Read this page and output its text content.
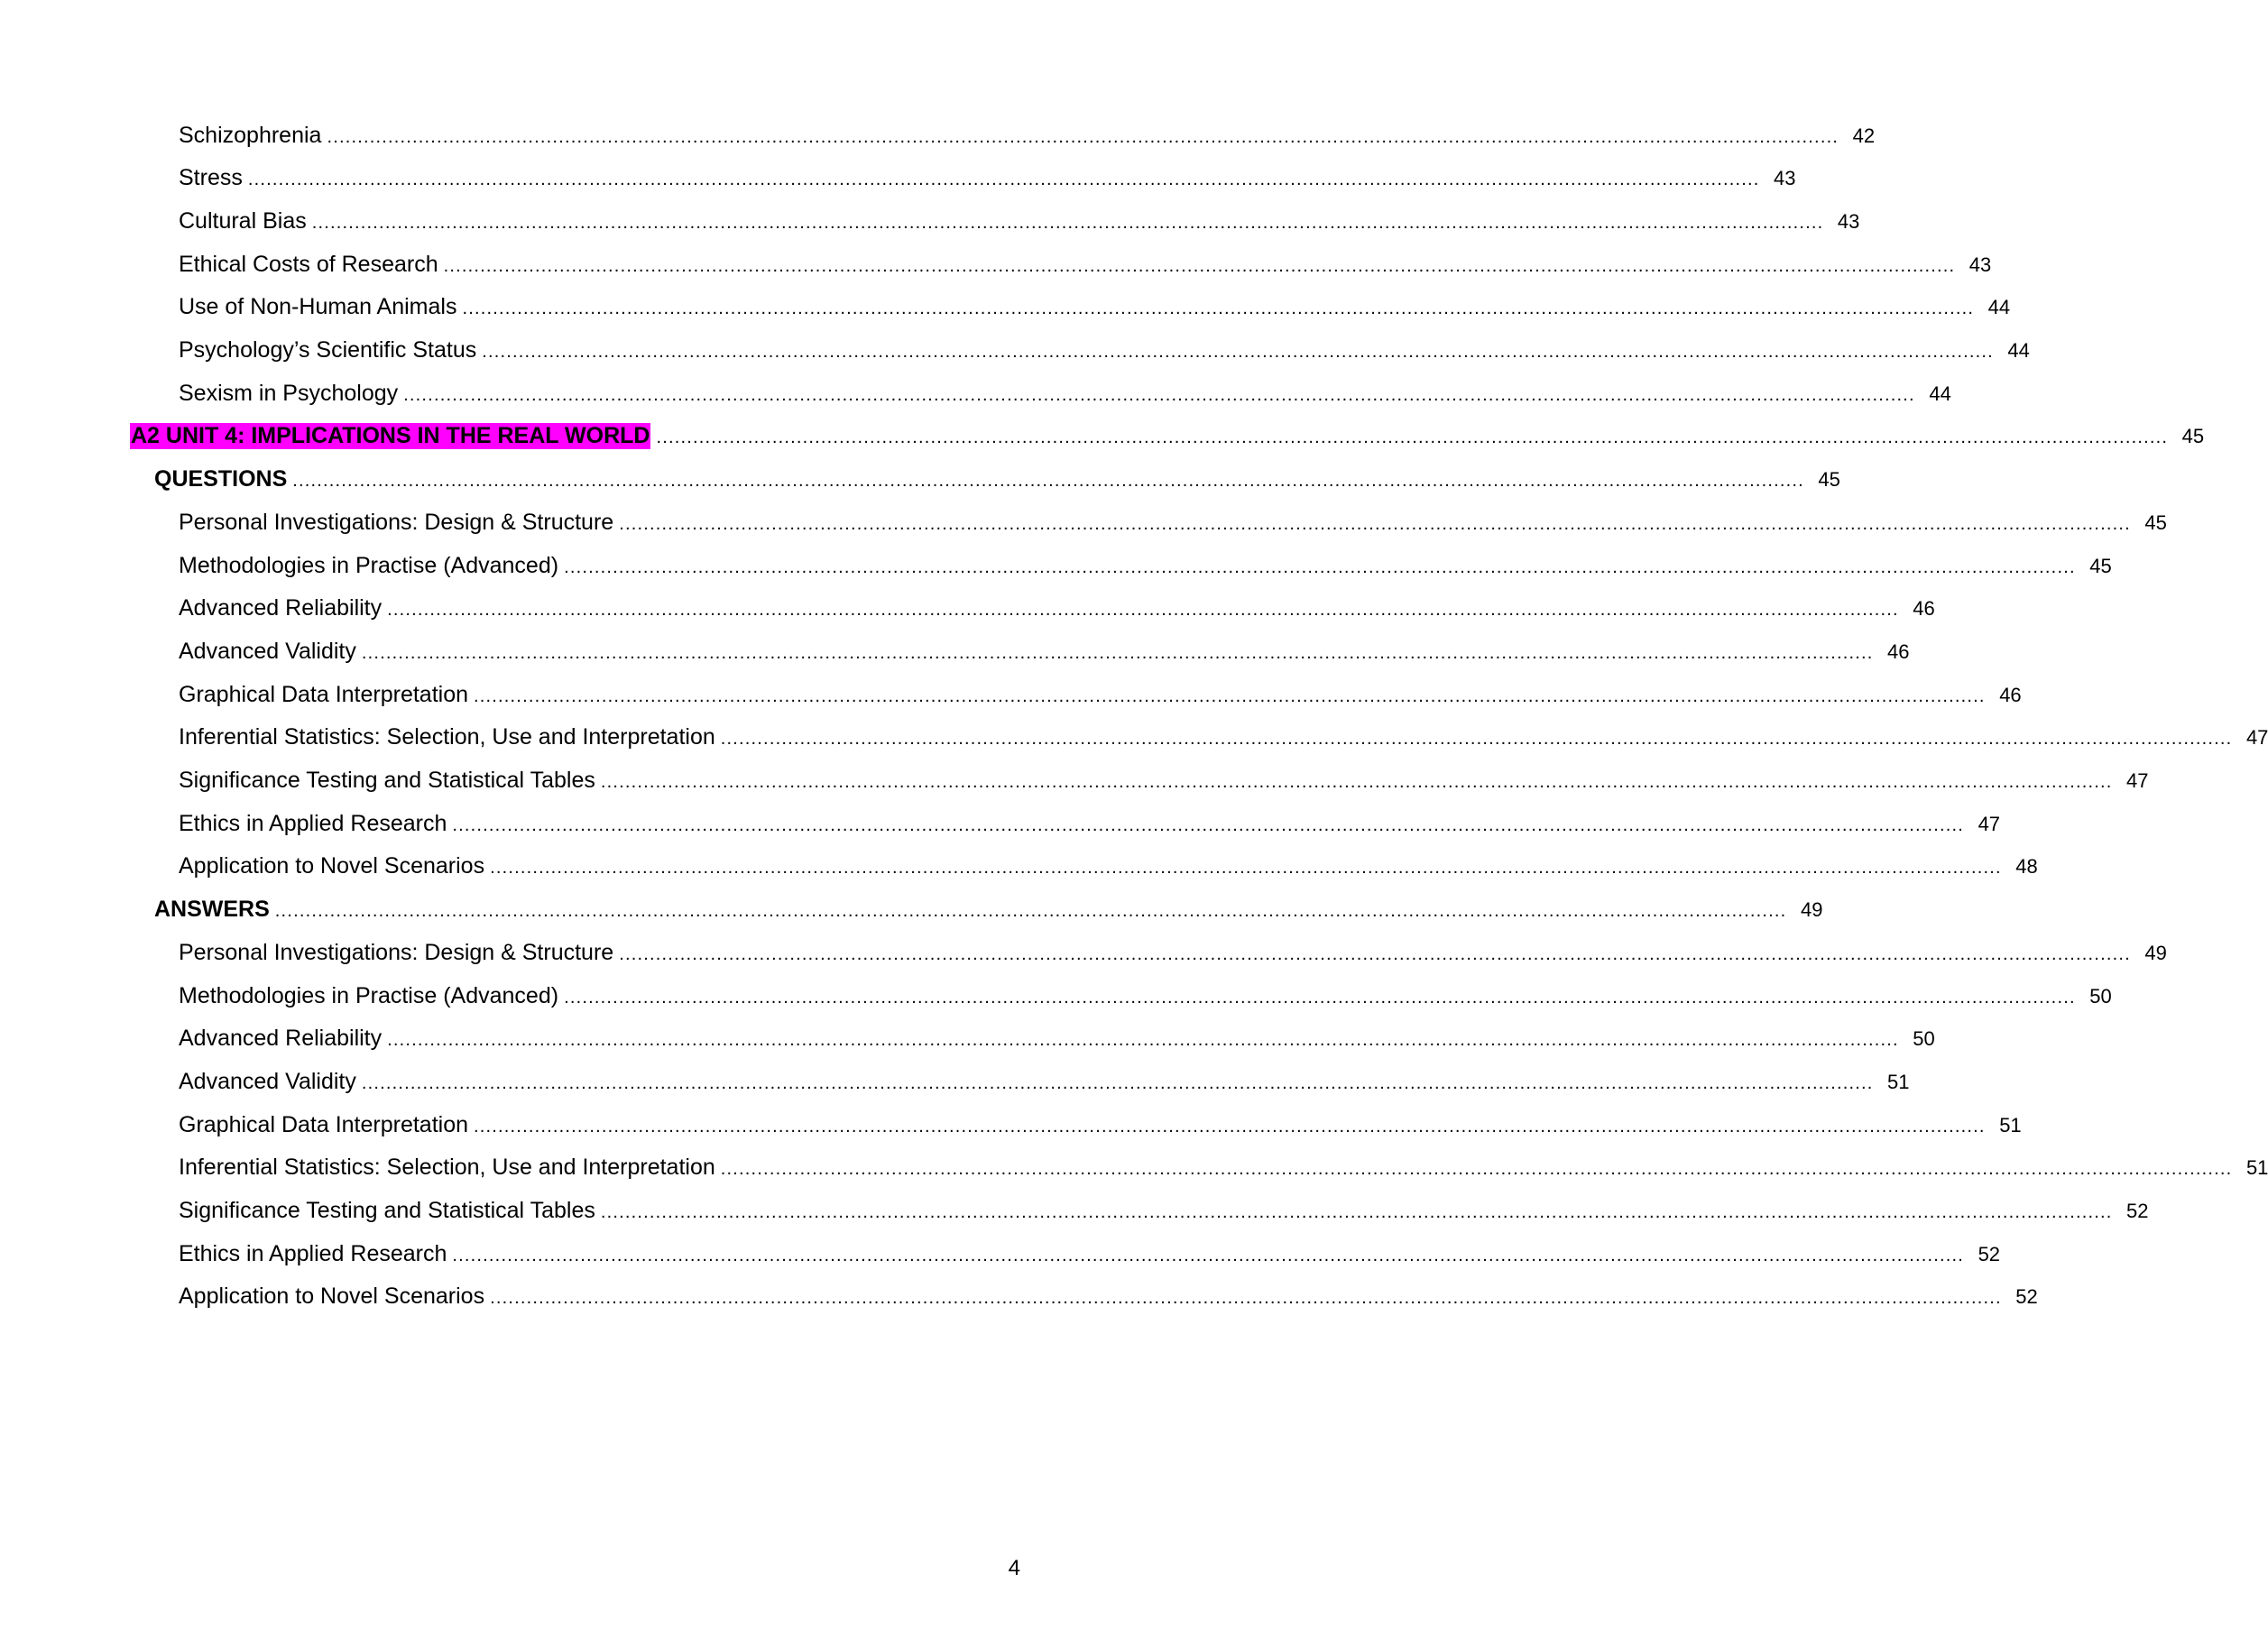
Schizophrenia .....	42
Stress .....	43
Cultural Bias .....	43
Ethical Costs of Research .....	43
Use of Non-Human Animals .....	44
Psychology’s Scientific Status .....	44
Sexism in Psychology .....	44
A2 UNIT 4: IMPLICATIONS IN THE REAL WORLD .....	45
QUESTIONS .....	45
Personal Investigations: Design & Structure .....	45
Methodologies in Practise (Advanced) .....	45
Advanced Reliability .....	46
Advanced Validity .....	46
Graphical Data Interpretation .....	46
Inferential Statistics: Selection, Use and Interpretation .....	47
Significance Testing and Statistical Tables .....	47
Ethics in Applied Research .....	47
Application to Novel Scenarios .....	48
ANSWERS .....	49
Personal Investigations: Design & Structure .....	49
Methodologies in Practise (Advanced) .....	50
Advanced Reliability .....	50
Advanced Validity .....	51
Graphical Data Interpretation .....	51
Inferential Statistics: Selection, Use and Interpretation .....	51
Significance Testing and Statistical Tables .....	52
Ethics in Applied Research .....	52
Application to Novel Scenarios .....	52
4
